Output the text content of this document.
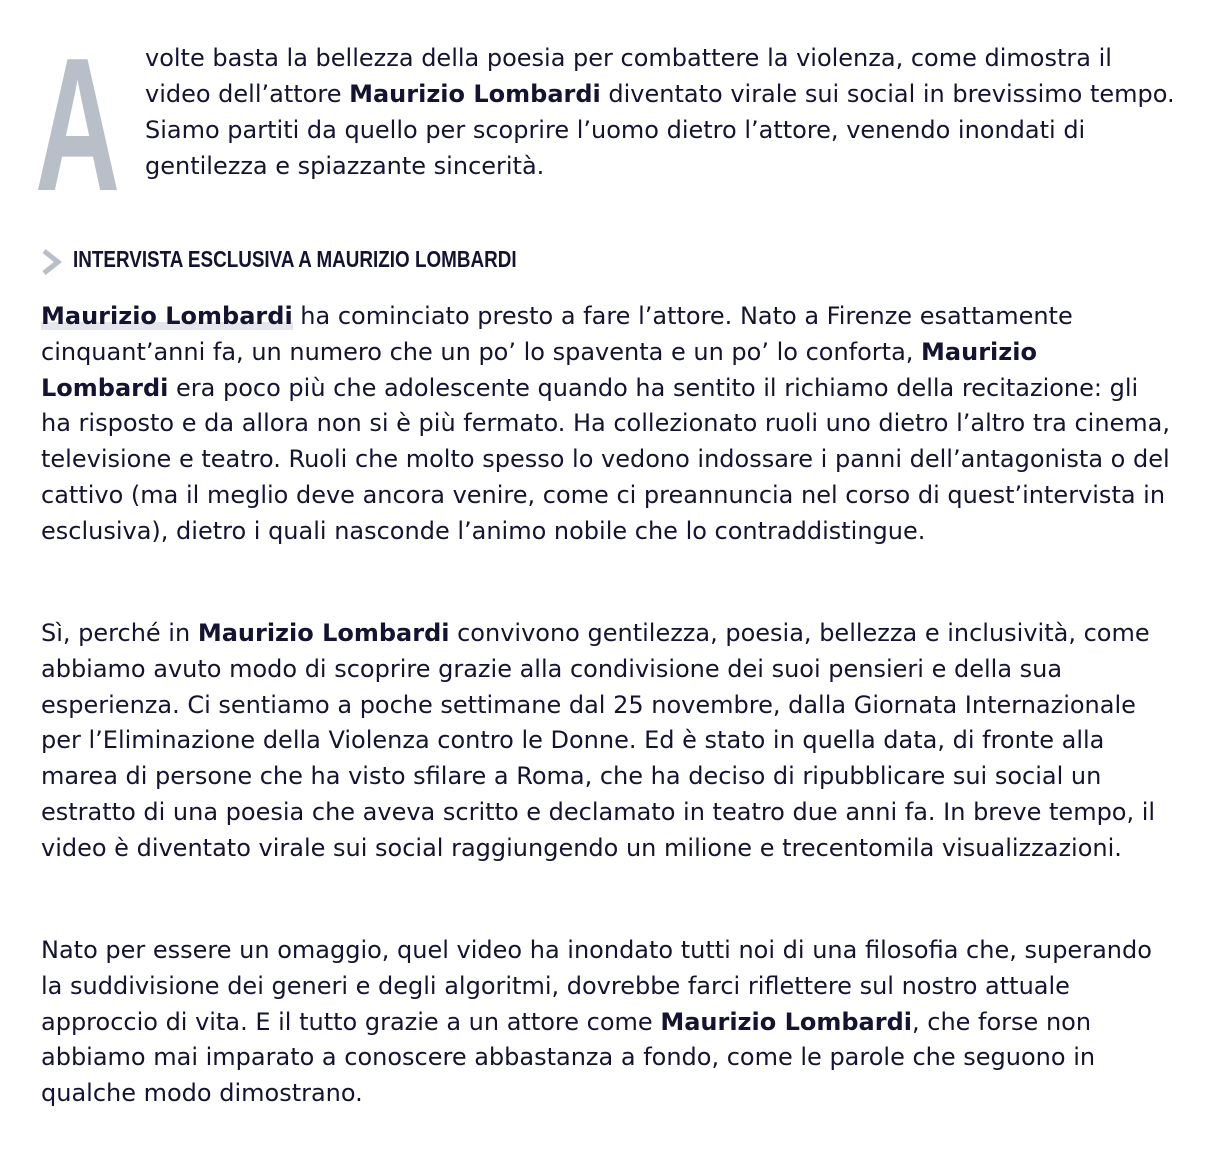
A volte basta la bellezza della poesia per combattere la violenza, come dimostra il video dell’attore Maurizio Lombardi diventato virale sui social in brevissimo tempo. Siamo partiti da quello per scoprire l’uomo dietro l’attore, venendo inondati di gentilezza e spiazzante sincerità.

INTERVISTA ESCLUSIVA A MAURIZIO LOMBARDI

Maurizio Lombardi ha cominciato presto a fare l’attore. Nato a Firenze esattamente cinquant’anni fa, un numero che un po’ lo spaventa e un po’ lo conforta, Maurizio Lombardi era poco più che adolescente quando ha sentito il richiamo della recitazione: gli ha risposto e da allora non si è più fermato. Ha collezionato ruoli uno dietro l’altro tra cinema, televisione e teatro. Ruoli che molto spesso lo vedono indossare i panni dell’antagonista o del cattivo (ma il meglio deve ancora venire, come ci preannuncia nel corso di quest’intervista in esclusiva), dietro i quali nasconde l’animo nobile che lo contraddistingue.

Sì, perché in Maurizio Lombardi convivono gentilezza, poesia, bellezza e inclusività, come abbiamo avuto modo di scoprire grazie alla condivisione dei suoi pensieri e della sua esperienza. Ci sentiamo a poche settimane dal 25 novembre, dalla Giornata Internazionale per l’Eliminazione della Violenza contro le Donne. Ed è stato in quella data, di fronte alla marea di persone che ha visto sfilare a Roma, che ha deciso di ripubblicare sui social un estratto di una poesia che aveva scritto e declamato in teatro due anni fa. In breve tempo, il video è diventato virale sui social raggiungendo un milione e trecentomila visualizzazioni.

Nato per essere un omaggio, quel video ha inondato tutti noi di una filosofia che, superando la suddivisione dei generi e degli algoritmi, dovrebbe farci riflettere sul nostro attuale approccio di vita. E il tutto grazie a un attore come Maurizio Lombardi, che forse non abbiamo mai imparato a conoscere abbastanza a fondo, come le parole che seguono in qualche modo dimostrano.
